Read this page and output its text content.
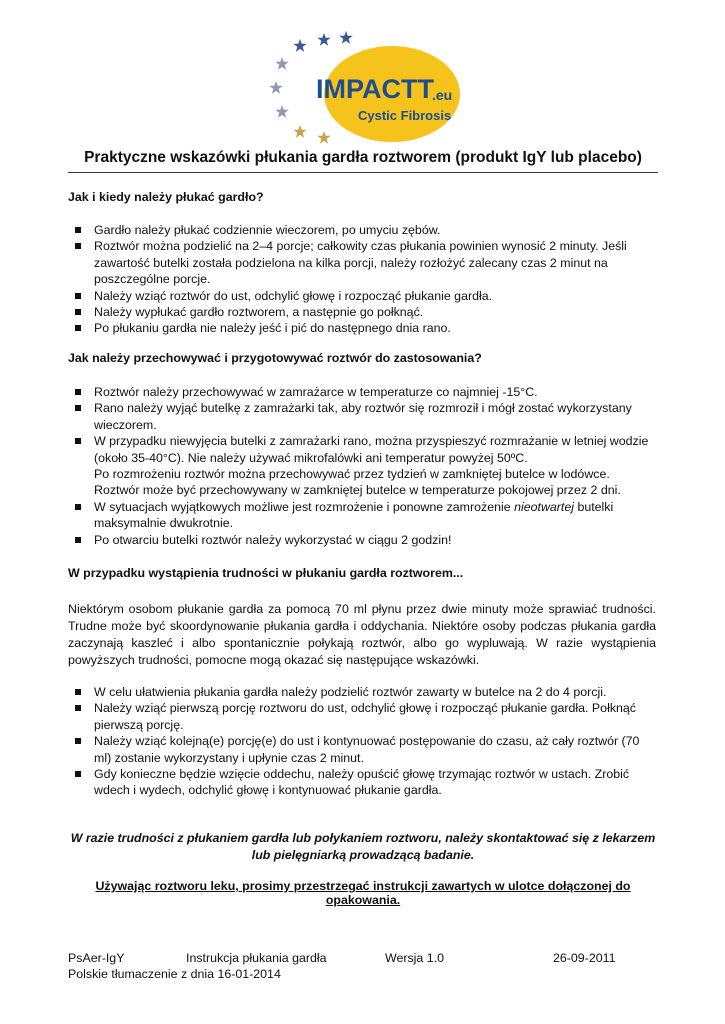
IMPACTT
.eu
Cystic Fibrosis
Praktyczne wskazówki płukania gardła roztworem (produkt IgY lub placebo)

Jak i kiedy należy płukać gardło?

Gardło należy płukać codziennie wieczorem, po umyciu zębów.
Roztwór można podzielić na 2–4 porcje; całkowity czas płukania powinien wynosić 2 minuty. Jeśli zawartość butelki została podzielona na kilka porcji, należy rozłożyć zalecany czas 2 minut na poszczególne porcje.
Należy wziąć roztwór do ust, odchylić głowę i rozpocząć płukanie gardła.
Należy wypłukać gardło roztworem, a następnie go połknąć.
Po płukaniu gardła nie należy jeść i pić do następnego dnia rano.

Jak należy przechowywać i przygotowywać roztwór do zastosowania?

Roztwór należy przechowywać w zamrażarce w temperaturze co najmniej -15°C.
Rano należy wyjąć butelkę z zamrażarki tak, aby roztwór się rozmroził i mógł zostać wykorzystany wieczorem.
W przypadku niewyjęcia butelki z zamrażarki rano, można przyspieszyć rozmrażanie w letniej wodzie (około 35-40°C). Nie należy używać mikrofalówki ani temperatur powyżej 50ºC.
Po rozmrożeniu roztwór można przechowywać przez tydzień w zamkniętej butelce w lodówce.
Roztwór może być przechowywany w zamkniętej butelce w temperaturze pokojowej przez 2 dni.
W sytuacjach wyjątkowych możliwe jest rozmrożenie i ponowne zamrożenie nieotwartej butelki maksymalnie dwukrotnie.
Po otwarciu butelki roztwór należy wykorzystać w ciągu 2 godzin!

W przypadku wystąpienia trudności w płukaniu gardła roztworem...

Niektórym osobom płukanie gardła za pomocą 70 ml płynu przez dwie minuty może sprawiać trudności. Trudne może być skoordynowanie płukania gardła i oddychania. Niektóre osoby podczas płukania gardła zaczynają kaszleć i albo spontanicznie połykają roztwór, albo go wypluwają. W razie wystąpienia powyższych trudności, pomocne mogą okazać się następujące wskazówki.

W celu ułatwienia płukania gardła należy podzielić roztwór zawarty w butelce na 2 do 4 porcji.
Należy wziąć pierwszą porcję roztworu do ust, odchylić głowę i rozpocząć płukanie gardła. Połknąć pierwszą porcję.
Należy wziąć kolejną(e) porcję(e) do ust i kontynuować postępowanie do czasu, aż cały roztwór (70 ml) zostanie wykorzystany i upłynie czas 2 minut.
Gdy konieczne będzie wzięcie oddechu, należy opuścić głowę trzymając roztwór w ustach. Zrobić wdech i wydech, odchylić głowę i kontynuować płukanie gardła.

W razie trudności z płukaniem gardła lub połykaniem roztworu, należy skontaktować się z lekarzem lub pielęgniarką prowadzącą badanie.

Używając roztworu leku, prosimy przestrzegać instrukcji zawartych w ulotce dołączonej do opakowania.

PsAer-IgY	Instrukcja płukania gardła	Wersja 1.0	26-09-2011
Polskie tłumaczenie z dnia 16-01-2014
